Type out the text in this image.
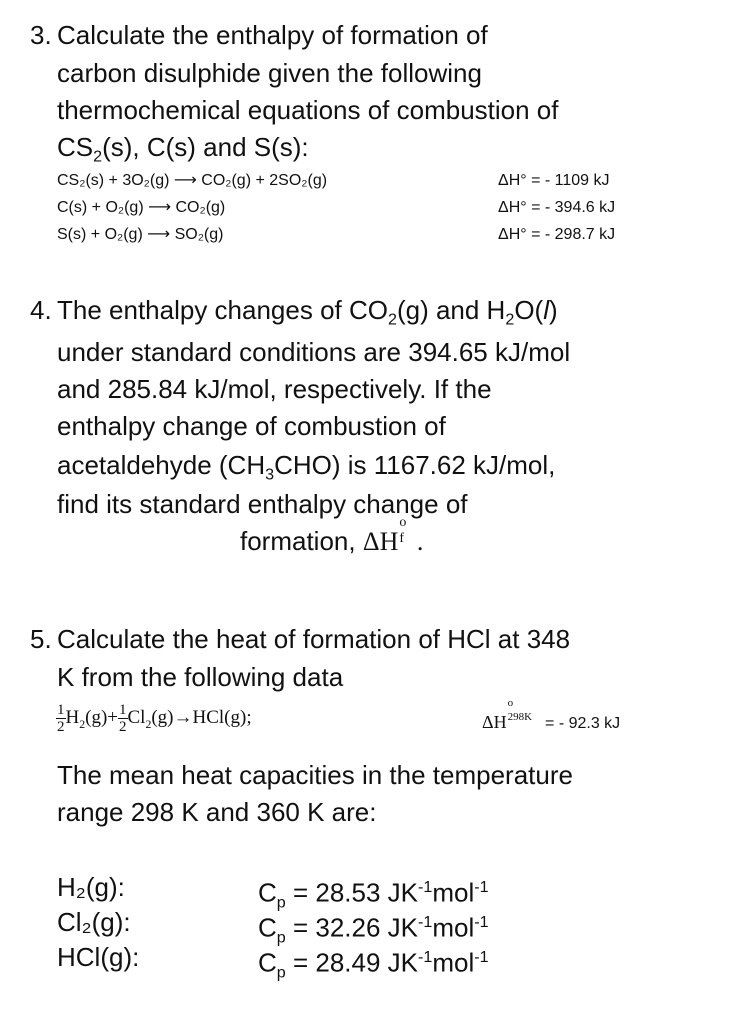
3. Calculate the enthalpy of formation of
carbon disulphide given the following
thermochemical equations of combustion of
$CS_2(s)$, C(s) and S(s):
CS₂(s) + 3O₂(g) ⟶ CO₂(g) + 2SO₂(g)	ΔH° = - 1109 kJ
C(s) + O₂(g) ⟶ CO₂(g)	ΔH° = - 394.6 kJ
S(s) + O₂(g) ⟶ SO₂(g)	ΔH° = - 298.7 kJ
4. The enthalpy changes of $CO_2(g)$ and $H_2O(l)$
under standard conditions are 394.65 kJ/mol
and 285.84 kJ/mol, respectively. If the
enthalpy change of combustion of
acetaldehyde $(CH_3CHO)$ is 1167.62 kJ/mol,
find its standard enthalpy change of
formation, ΔH
o
f .
5. Calculate the heat of formation of HCl at 348
K from the following data
$\frac{1}{2} H_2(g)+ \frac{1}{2} Cl_2(g)\to HCl(g)$;	ΔH
o
298K = - 92.3 kJ
The mean heat capacities in the temperature
range 298 K and 360 K are:
H₂(g):	$C_p = 28.53$ $JK^{-1}mol^{-1}$
Cl₂(g):	$C_p = 32.26$ $JK^{-1}mol^{-1}$
HCl(g):	$C_p = 28.49$ $JK^{-1}mol^{-1}$
